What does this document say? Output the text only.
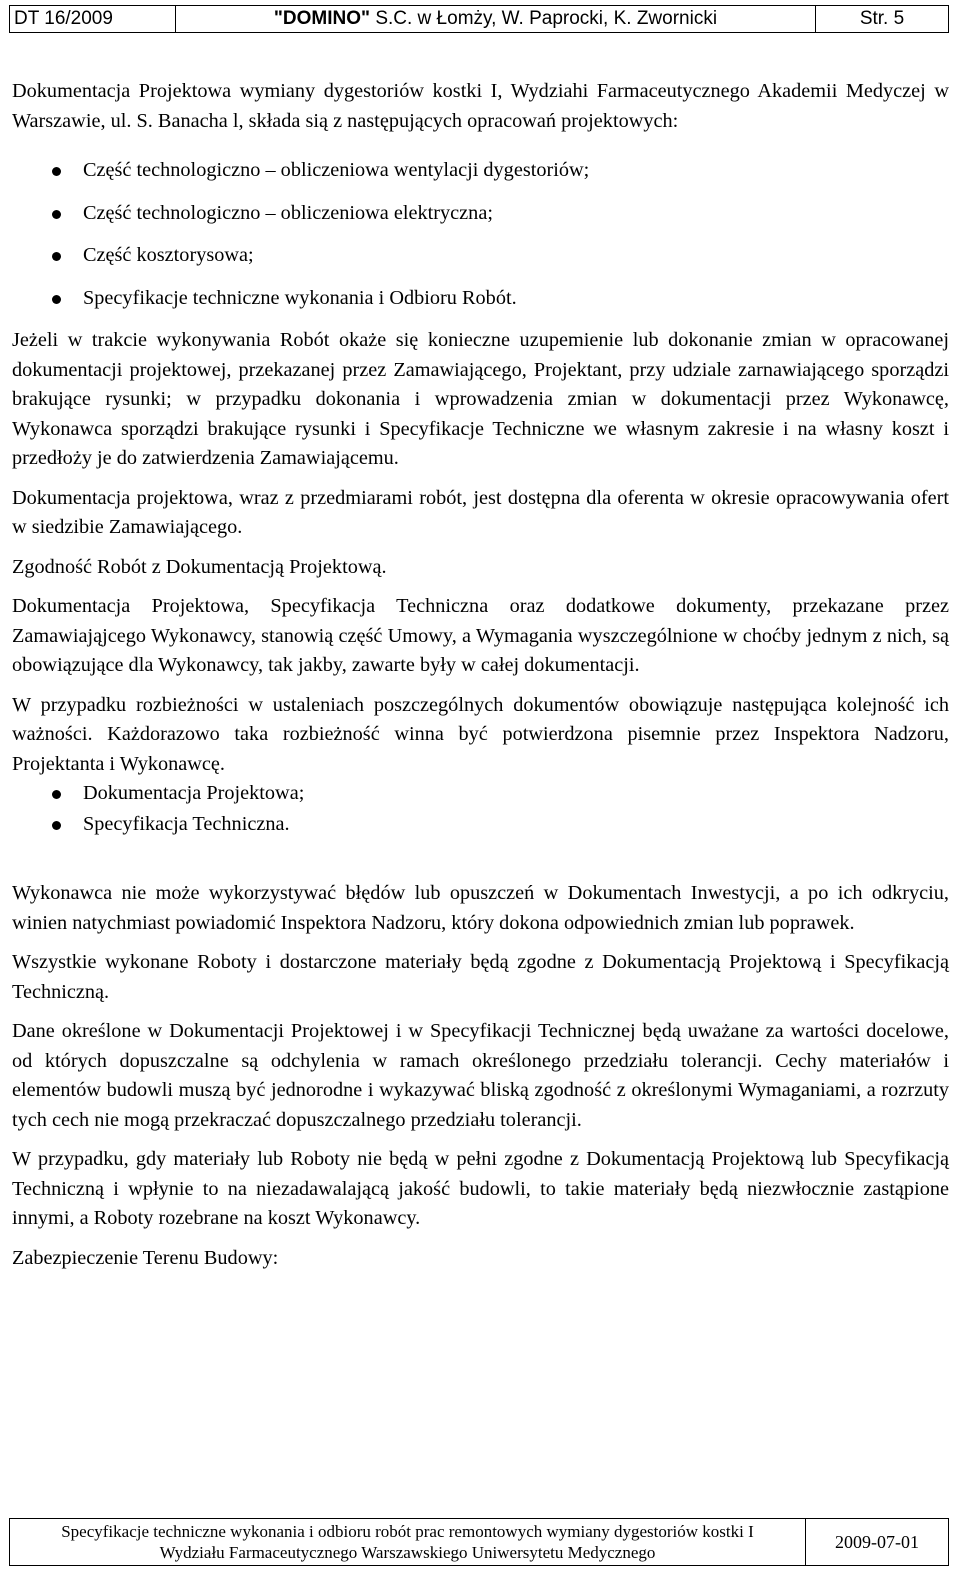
DT 16/2009	"DOMINO" S.C. w Łomży, W. Paprocki, K. Zwornicki	Str. 5

Dokumentacja Projektowa wymiany dygestoriów kostki I, Wydziahi Farmaceutycznego Akademii Medyczej w Warszawie, ul. S. Banacha l, składa sią z następujących opracowań projektowych:

Część technologiczno – obliczeniowa wentylacji dygestoriów;
Część technologiczno – obliczeniowa elektryczna;
Część kosztorysowa;
Specyfikacje techniczne wykonania i Odbioru Robót.

Jeżeli w trakcie wykonywania Robót okaże się konieczne uzupemienie lub dokonanie zmian w opracowanej dokumentacji projektowej, przekazanej przez Zamawiającego, Projektant, przy udziale zarnawiającego sporządzi brakujące rysunki; w przypadku dokonania i wprowadzenia zmian w dokumentacji przez Wykonawcę, Wykonawca sporządzi brakujące rysunki i Specyfikacje Techniczne we własnym zakresie i na własny koszt i przedłoży je do zatwierdzenia Zamawiającemu.

Dokumentacja projektowa, wraz z przedmiarami robót, jest dostępna dla oferenta w okresie opracowywania ofert w siedzibie Zamawiającego.

Zgodność Robót z Dokumentacją Projektową.

Dokumentacja Projektowa, Specyfikacja Techniczna oraz dodatkowe dokumenty, przekazane przez Zamawiająjcego Wykonawcy, stanowią część Umowy, a Wymagania wyszczególnione w choćby jednym z nich, są obowiązujące dla Wykonawcy, tak jakby, zawarte były w całej dokumentacji.

W przypadku rozbieżności w ustaleniach poszczególnych dokumentów obowiązuje następująca kolejność ich ważności. Każdorazowo taka rozbieżność winna być potwierdzona pisemnie przez Inspektora Nadzoru, Projektanta i Wykonawcę.

Dokumentacja Projektowa;
Specyfikacja Techniczna.

Wykonawca nie może wykorzystywać błędów lub opuszczeń w Dokumentach Inwestycji, a po ich odkryciu, winien natychmiast powiadomić Inspektora Nadzoru, który dokona odpowiednich zmian lub poprawek.

Wszystkie wykonane Roboty i dostarczone materiały będą zgodne z Dokumentacją Projektową i Specyfikacją Techniczną.

Dane określone w Dokumentacji Projektowej i w Specyfikacji Technicznej będą uważane za wartości docelowe, od których dopuszczalne są odchylenia w ramach określonego przedziału tolerancji. Cechy materiałów i elementów budowli muszą być jednorodne i wykazywać bliską zgodność z określonymi Wymaganiami, a rozrzuty tych cech nie mogą przekraczać dopuszczalnego przedziału tolerancji.

W przypadku, gdy materiały lub Roboty nie będą w pełni zgodne z Dokumentacją Projektową lub Specyfikacją Techniczną i wpłynie to na niezadawalającą jakość budowli, to takie materiały będą niezwłocznie zastąpione innymi, a Roboty rozebrane na koszt Wykonawcy.

Zabezpieczenie Terenu Budowy:

Specyfikacje techniczne wykonania i odbioru robót prac remontowych wymiany dygestoriów kostki I
Wydziału Farmaceutycznego Warszawskiego Uniwersytetu Medycznego
2009-07-01
